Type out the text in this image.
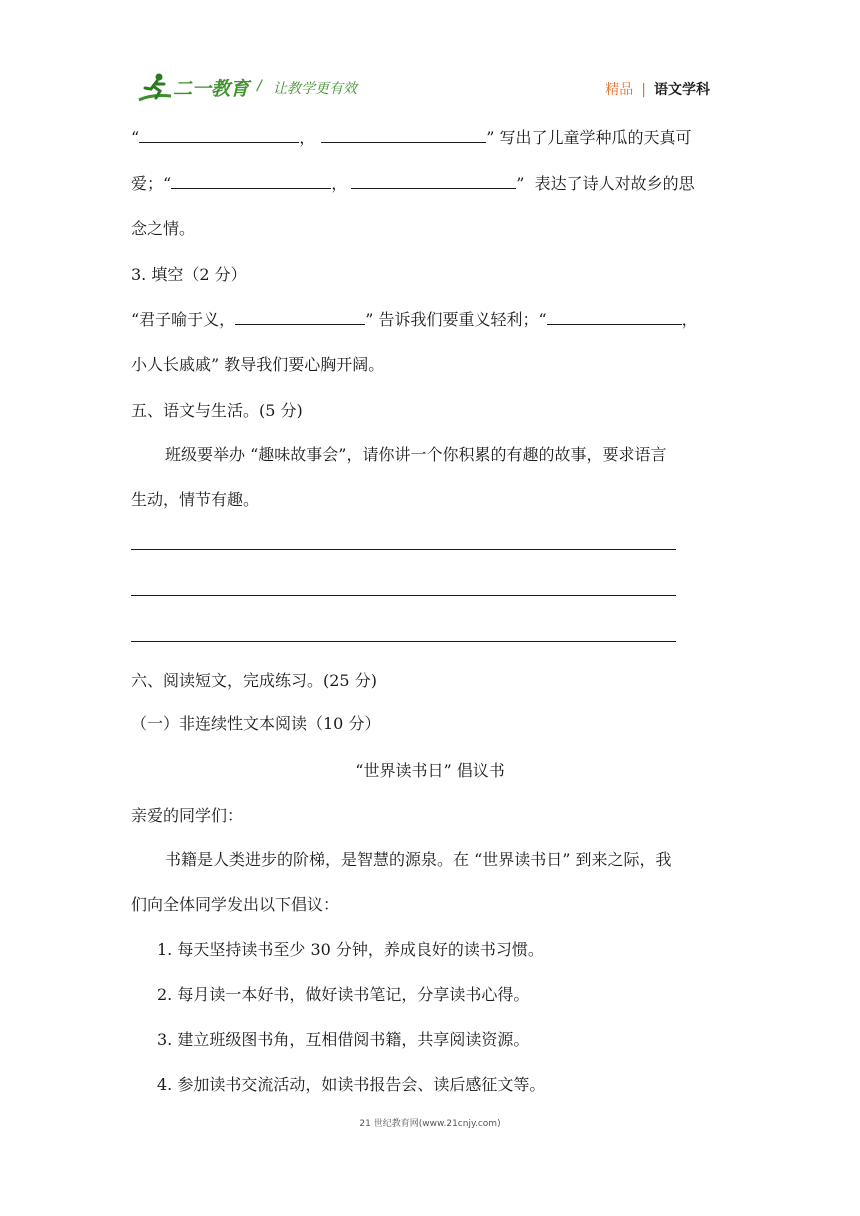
二一教育 / 让教学更有效	精品 | 语文学科
“	，	” 写出了儿童学种瓜的天真可
爱；“	，	” 表达了诗人对故乡的思
念之情。
3. 填空（2 分）
“君子喻于义，	” 告诉我们要重义轻利；“	，
小人长戚戚” 教导我们要心胸开阔。
五、语文与生活。(5 分)
班级要举办 “趣味故事会”，请你讲一个你积累的有趣的故事，要求语言
生动，情节有趣。
六、阅读短文，完成练习。(25 分)
（一）非连续性文本阅读（10 分）
“世界读书日” 倡议书
亲爱的同学们：
书籍是人类进步的阶梯，是智慧的源泉。在 “世界读书日” 到来之际，我
们向全体同学发出以下倡议：
1. 每天坚持读书至少 30 分钟，养成良好的读书习惯。
2. 每月读一本好书，做好读书笔记，分享读书心得。
3. 建立班级图书角，互相借阅书籍，共享阅读资源。
4. 参加读书交流活动，如读书报告会、读后感征文等。
21 世纪教育网(www.21cnjy.com)
